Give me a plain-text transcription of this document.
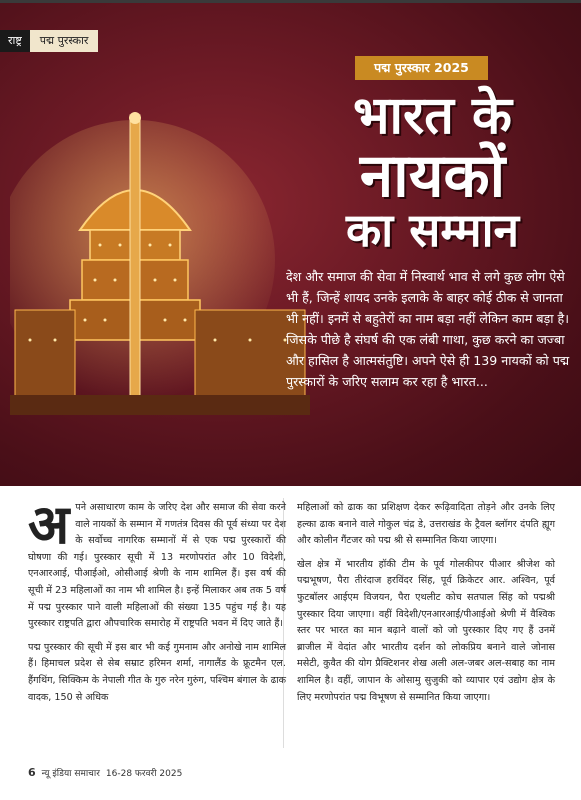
राष्ट्र	पद्म पुरस्कार
पद्म पुरस्कार 2025
भारत के
नायकों
का सम्मान
देश और समाज की सेवा में निस्वार्थ भाव से लगे कुछ लोग ऐसे भी हैं, जिन्हें शायद उनके इलाके के बाहर कोई ठीक से जानता भी नहीं। इनमें से बहुतेरों का नाम बड़ा नहीं लेकिन काम बड़ा है। जिसके पीछे है संघर्ष की एक लंबी गाथा, कुछ करने का जज्बा और हासिल है आत्मसंतुष्टि। अपने ऐसे ही 139 नायकों को पद्म पुरस्कारों के जरिए सलाम कर रहा है भारत...

अ पने असाधारण काम के जरिए देश और समाज की सेवा करने वाले नायकों के सम्मान में गणतंत्र दिवस की पूर्व संध्या पर देश के सर्वोच्च नागरिक सम्मानों में से एक पद्म पुरस्कारों की घोषणा की गई। पुरस्कार सूची में 13 मरणोपरांत और 10 विदेशी, एनआरआई, पीआईओ, ओसीआई श्रेणी के नाम शामिल हैं। इस वर्ष की सूची में 23 महिलाओं का नाम भी शामिल है। इन्हें मिलाकर अब तक 5 वर्ष में पद्म पुरस्कार पाने वाली महिलाओं की संख्या 135 पहुंच गई है। यह पुरस्कार राष्ट्रपति द्वारा औपचारिक समारोह में राष्ट्रपति भवन में दिए जाते हैं।

पद्म पुरस्कार की सूची में इस बार भी कई गुमनाम और अनोखे नाम शामिल हैं। हिमाचल प्रदेश से सेब सम्राट हरिमन शर्मा, नागालैंड के फ्रूटमैन एल. हैंगथिंग, सिक्किम के नेपाली गीत के गुरु नरेन गुरुंग, पश्चिम बंगाल के ढाक वादक, 150 से अधिक

महिलाओं को ढाक का प्रशिक्षण देकर रूढ़िवादिता तोड़ने और उनके लिए हल्का ढाक बनाने वाले गोकुल चंद्र डे, उत्तराखंड के ट्रैवल ब्लॉगर दंपति ह्यूग और कोलीन गैंटजर को पद्म श्री से सम्मानित किया जाएगा।

खेल क्षेत्र में भारतीय हॉकी टीम के पूर्व गोलकीपर पीआर श्रीजेश को पद्मभूषण, पैरा तीरंदाज हरविंदर सिंह, पूर्व क्रिकेटर आर. अश्विन, पूर्व फुटबॉलर आईएम विजयन, पैरा एथलीट कोच सतपाल सिंह को पद्मश्री पुरस्कार दिया जाएगा। वहीं विदेशी/एनआरआई/पीआईओ श्रेणी में वैश्विक स्तर पर भारत का मान बढ़ाने वालों को जो पुरस्कार दिए गए हैं उनमें ब्राजील में वेदांत और भारतीय दर्शन को लोकप्रिय बनाने वाले जोनास मसेटी, कुवैत की योग प्रैक्टिशनर शेख अली अल-जबर अल-सबाह का नाम शामिल है। वहीं, जापान के ओसामु सुजुकी को व्यापार एवं उद्योग क्षेत्र के लिए मरणोपरांत पद्म विभूषण से सम्मानित किया जाएगा।

6 न्यू इंडिया समाचार 16-28 फरवरी 2025
